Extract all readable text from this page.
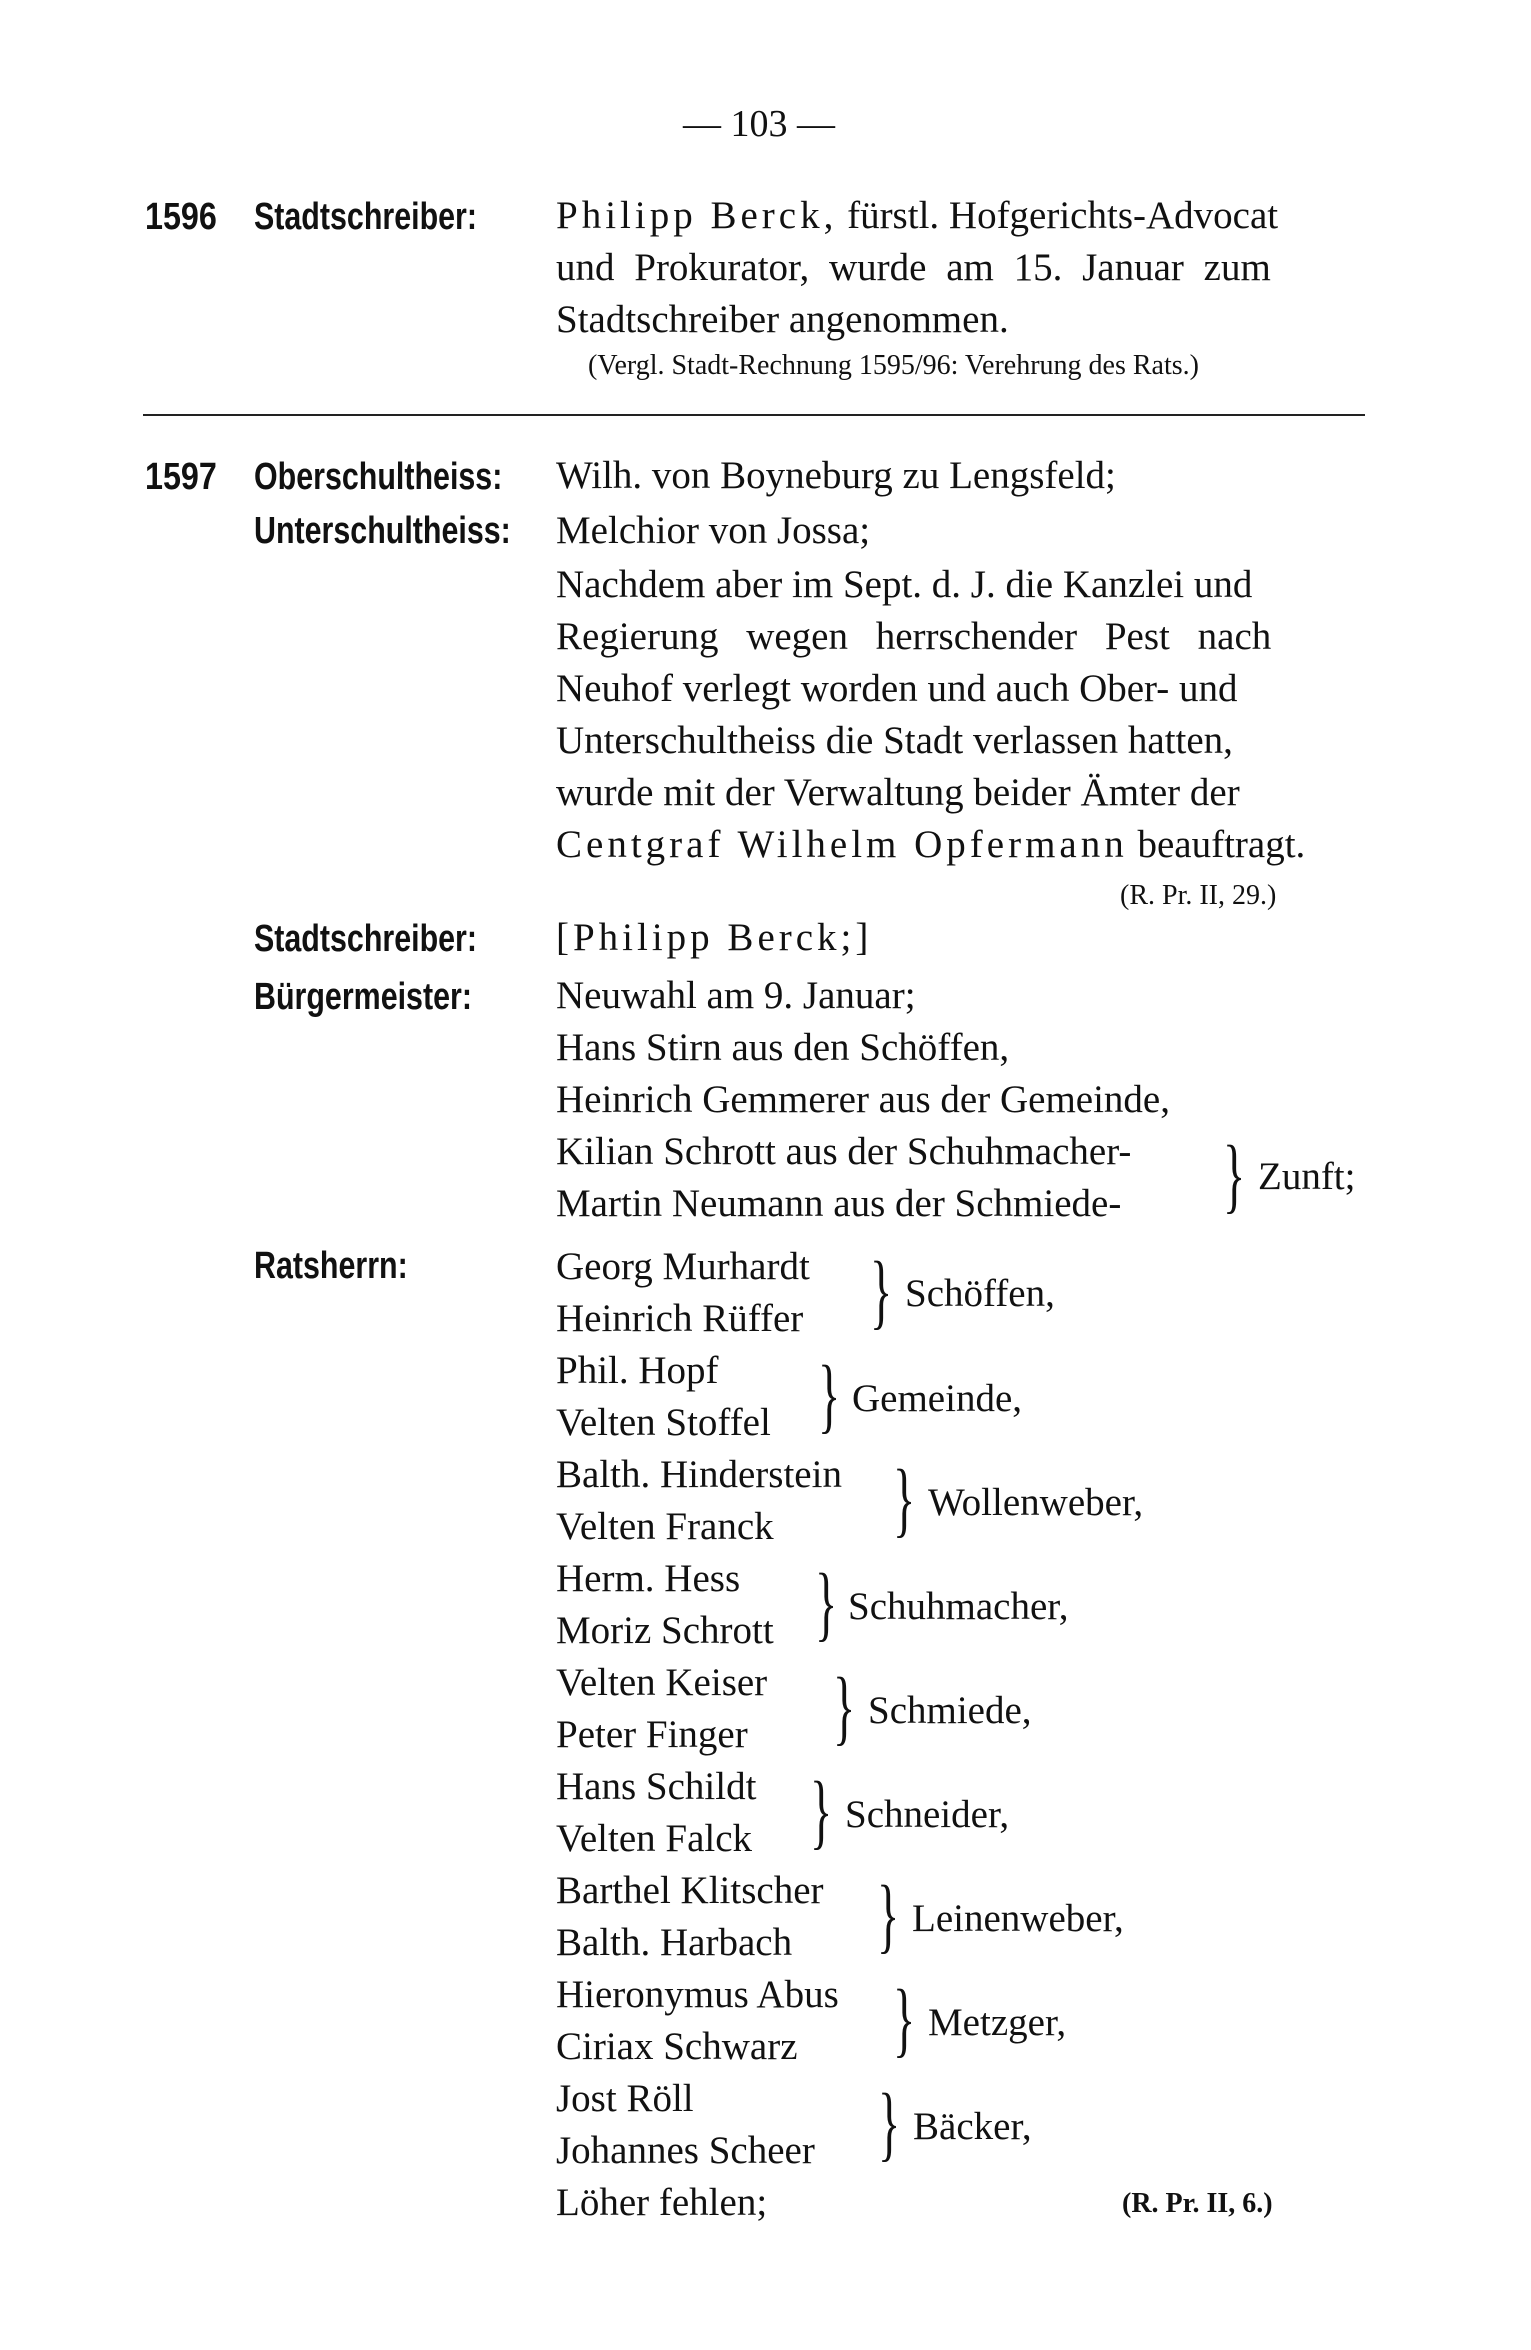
— 103 —
1596 Stadtschreiber: Philipp Berck, fürstl. Hofgerichts-Advocat
und Prokurator, wurde am 15. Januar zum
Stadtschreiber angenommen.
(Vergl. Stadt-Rechnung 1595/96: Verehrung des Rats.)
1597 Oberschultheiss: Wilh. von Boyneburg zu Lengsfeld;
Unterschultheiss: Melchior von Jossa;
Nachdem aber im Sept. d. J. die Kanzlei und
Regierung wegen herrschender Pest nach
Neuhof verlegt worden und auch Ober- und
Unterschultheiss die Stadt verlassen hatten,
wurde mit der Verwaltung beider Ämter der
Centgraf Wilhelm Opfermann beauftragt.
(R. Pr. II, 29.)
Stadtschreiber: [Philipp Berck;]
Bürgermeister: Neuwahl am 9. Januar;
Hans Stirn aus den Schöffen,
Heinrich Gemmerer aus der Gemeinde,
Kilian Schrott aus der Schuhmacher-
Martin Neumann aus der Schmiede- } Zunft;
Ratsherrn:	Georg Murhardt
Heinrich Rüffer } Schöffen,
Phil. Hopf
Velten Stoffel } Gemeinde,
Balth. Hinderstein
Velten Franck } Wollenweber,
Herm. Hess
Moriz Schrott } Schuhmacher,
Velten Keiser
Peter Finger } Schmiede,
Hans Schildt
Velten Falck } Schneider,
Barthel Klitscher
Balth. Harbach } Leinenweber,
Hieronymus Abus
Ciriax Schwarz } Metzger,
Jost Röll
Johannes Scheer } Bäcker,
Löher fehlen;	(R. Pr. II, 6.)
